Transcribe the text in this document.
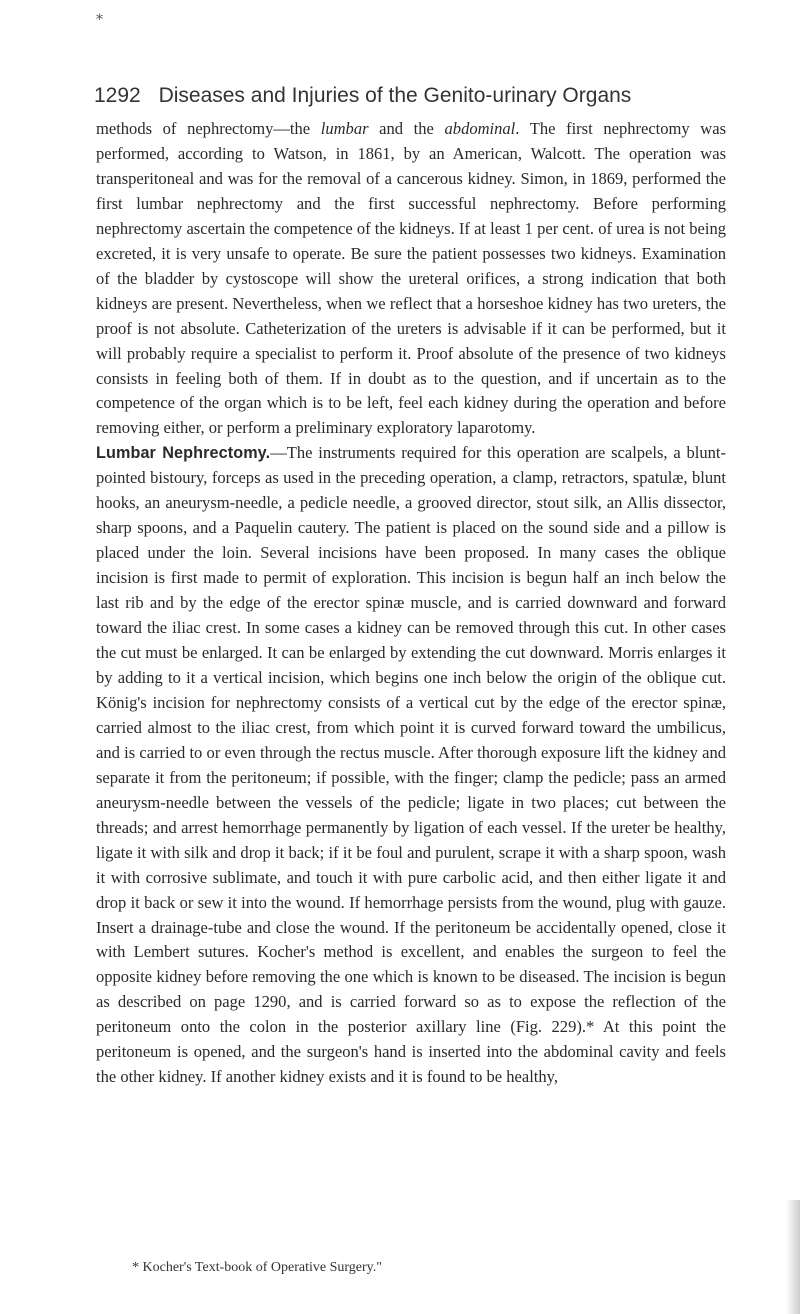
*
1292 Diseases and Injuries of the Genito-urinary Organs

methods of nephrectomy—the lumbar and the abdominal. The first nephrectomy was performed, according to Watson, in 1861, by an American, Walcott. The operation was transperitoneal and was for the removal of a cancerous kidney. Simon, in 1869, performed the first lumbar nephrectomy and the first successful nephrectomy. Before performing nephrectomy ascertain the competence of the kidneys. If at least 1 per cent. of urea is not being excreted, it is very unsafe to operate. Be sure the patient possesses two kidneys. Examination of the bladder by cystoscope will show the ureteral orifices, a strong indication that both kidneys are present. Nevertheless, when we reflect that a horseshoe kidney has two ureters, the proof is not absolute. Catheterization of the ureters is advisable if it can be performed, but it will probably require a specialist to perform it. Proof absolute of the presence of two kidneys consists in feeling both of them. If in doubt as to the question, and if uncertain as to the competence of the organ which is to be left, feel each kidney during the operation and before removing either, or perform a preliminary exploratory laparotomy.

Lumbar Nephrectomy.—The instruments required for this operation are scalpels, a blunt-pointed bistoury, forceps as used in the preceding operation, a clamp, retractors, spatulæ, blunt hooks, an aneurysm-needle, a pedicle needle, a grooved director, stout silk, an Allis dissector, sharp spoons, and a Paquelin cautery. The patient is placed on the sound side and a pillow is placed under the loin. Several incisions have been proposed. In many cases the oblique incision is first made to permit of exploration. This incision is begun half an inch below the last rib and by the edge of the erector spinæ muscle, and is carried downward and forward toward the iliac crest. In some cases a kidney can be removed through this cut. In other cases the cut must be enlarged. It can be enlarged by extending the cut downward. Morris enlarges it by adding to it a vertical incision, which begins one inch below the origin of the oblique cut. König's incision for nephrectomy consists of a vertical cut by the edge of the erector spinæ, carried almost to the iliac crest, from which point it is curved forward toward the umbilicus, and is carried to or even through the rectus muscle. After thorough exposure lift the kidney and separate it from the peritoneum; if possible, with the finger; clamp the pedicle; pass an armed aneurysm-needle between the vessels of the pedicle; ligate in two places; cut between the threads; and arrest hemorrhage permanently by ligation of each vessel. If the ureter be healthy, ligate it with silk and drop it back; if it be foul and purulent, scrape it with a sharp spoon, wash it with corrosive sublimate, and touch it with pure carbolic acid, and then either ligate it and drop it back or sew it into the wound. If hemorrhage persists from the wound, plug with gauze. Insert a drainage-tube and close the wound. If the peritoneum be accidentally opened, close it with Lembert sutures. Kocher's method is excellent, and enables the surgeon to feel the opposite kidney before removing the one which is known to be diseased. The incision is begun as described on page 1290, and is carried forward so as to expose the reflection of the peritoneum onto the colon in the posterior axillary line (Fig. 229).* At this point the peritoneum is opened, and the surgeon's hand is inserted into the abdominal cavity and feels the other kidney. If another kidney exists and it is found to be healthy,

* Kocher's Text-book of Operative Surgery."
